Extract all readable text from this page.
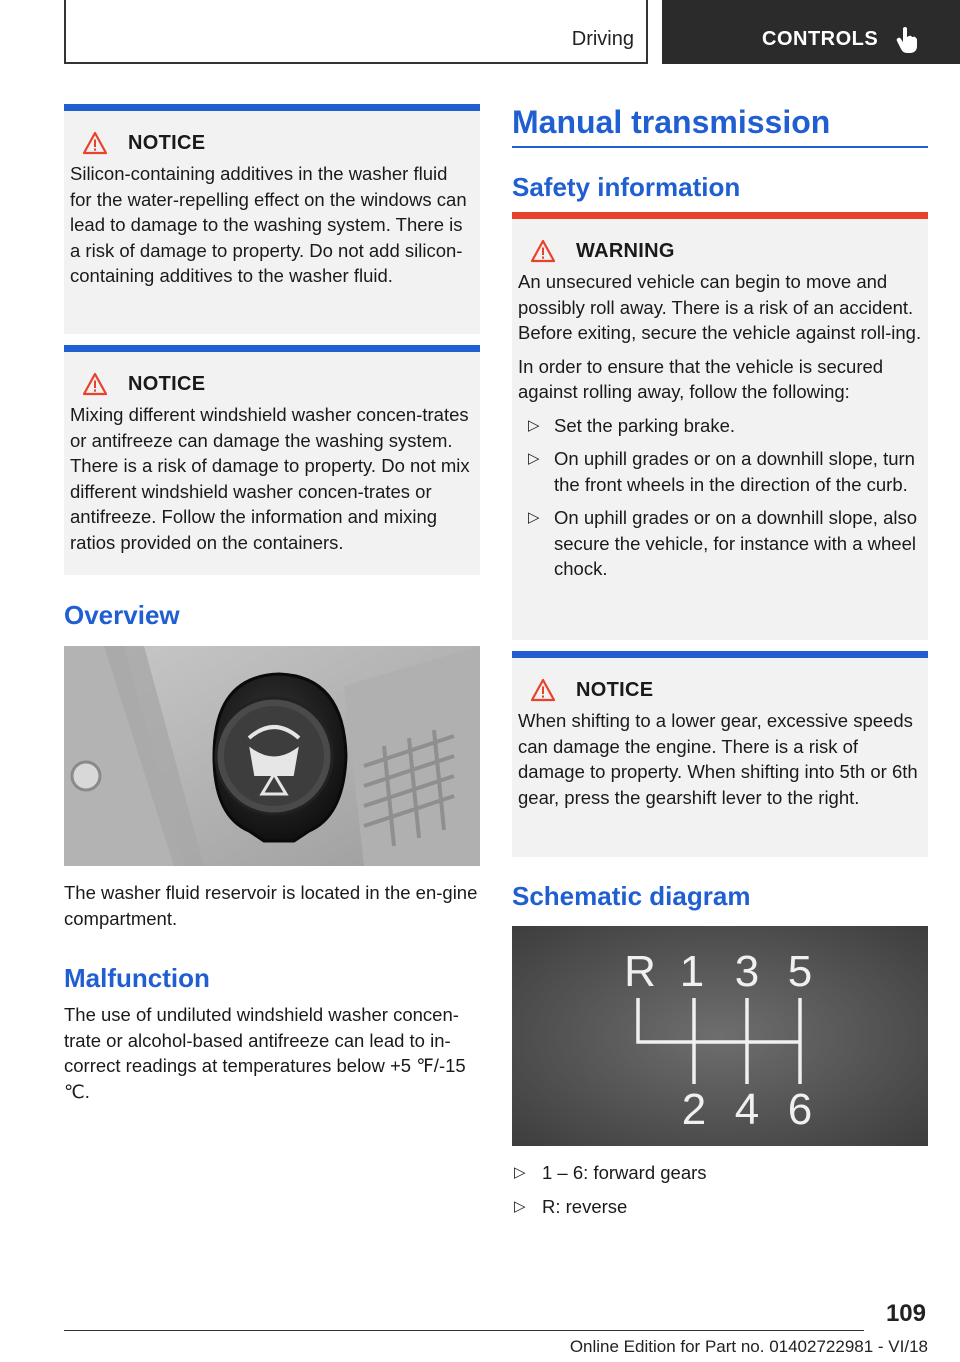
Driving	CONTROLS
NOTICE

Silicon-containing additives in the washer fluid for the water-repelling effect on the windows can lead to damage to the washing system. There is a risk of damage to property. Do not add silicon-containing additives to the washer fluid.

NOTICE

Mixing different windshield washer concen-trates or antifreeze can damage the washing system. There is a risk of damage to property. Do not mix different windshield washer concen-trates or antifreeze. Follow the information and mixing ratios provided on the containers.

Overview
The washer fluid reservoir is located in the en-gine compartment.
Malfunction
The use of undiluted windshield washer concen-trate or alcohol-based antifreeze can lead to in-correct readings at temperatures below +5 ℉/-15 ℃.
Manual transmission
Safety information
WARNING

An unsecured vehicle can begin to move and possibly roll away. There is a risk of an accident. Before exiting, secure the vehicle against roll-ing.

In order to ensure that the vehicle is secured against rolling away, follow the following:

▷ Set the parking brake.
▷ On uphill grades or on a downhill slope, turn the front wheels in the direction of the curb.
▷ On uphill grades or on a downhill slope, also secure the vehicle, for instance with a wheel chock.
NOTICE

When shifting to a lower gear, excessive speeds can damage the engine. There is a risk of damage to property. When shifting into 5th or 6th gear, press the gearshift lever to the right.

Schematic diagram
R 1 3 5
2 4 6
▷ 1 – 6: forward gears
▷ R: reverse
109
Online Edition for Part no. 01402722981 - VI/18
